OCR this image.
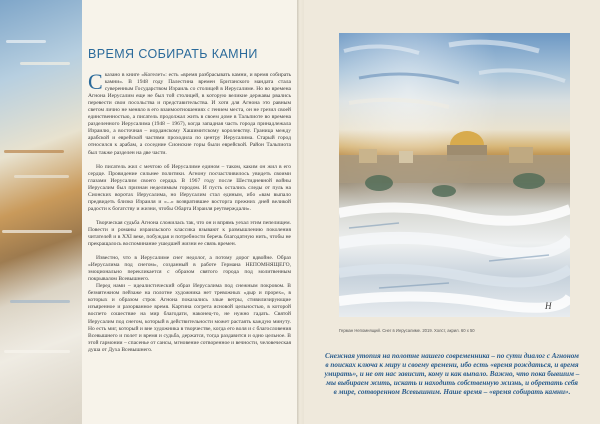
ВРЕМЯ СОБИРАТЬ КАМНИ

Сказано в книге «Когелет»: есть «время разбрасывать камни, и время собирать камни». В 1948 году Палестина времен Британского мандата стала суверенным Государством Израиль со столицей в Иерусалиме. Но во времена Агнона Иерусалим еще не был той столицей, в которую великие державы рвались перевести свои посольства и представительства. И хотя для Агнона это равным светом лично не меняло в его взаимоотношениях с гением места, он не грезил своей единственностью, а писатель продолжал жить в своем доме в Тальпиоте во времена разделенного Иерусалима (1948 – 1967), когда западная часть города принадлежала Израилю, а восточная – иорданскому Хашимитскому королевству. Граница между арабской и еврейской частями проходила по центру Иерусалима. Старый город относился к арабам, а соседние Сионские горы были еврейской. Район Тальпиота был также разделен на две части.

Но писатель жил с мечтою об Иерусалиме едином – таком, каким он жил в его сердце. Провидение сильнее политики. Агнону посчастливилось увидеть своими глазами Иерусалим своего сердца. В 1967 году после Шестидневной войны Иерусалим был признан неделимым городом. И пусть остались следы от пуль на Сионских воротах Иерусалима, но Иерусалим стал единым, ибо «вам выпало предвидеть близко Израиля и «...» возвратившее восторга прежних дней великой радости к богатству и жизни, чтобы Обарта Израиля реутверждали».

Творческая судьба Агнона сложилась так, что он и впрямь уехал этим пепелищем. Повести и романы израильского классика взывают к размышлению поколения читателей и в XXI веке, побуждая и потребности беречь благодатную нить, чтобы не прекращалось воспоминание ушедшей жизни ее связь времен.

Известно, что в Иерусалиме снег недолог, а потому дорог вдвойне. Образ «Иерусалима под снегом», созданный в работе Германа НЕПОМНЯЩЕГО, эмоционально перекликается с образом святого города под молитвенным покрывалом Всевышнего.

Перед нами – идеалистический образ Иерусалима под снежным покровом. В безмятежном пейзаже на полотне художника нет тревожных «дыр и прорех», в которых и образом строк Агнона показались злые ветры, стивилизирующие изъяренное и разорванное время. Картина согрета ясновой цельностью, в которой воспето сошествие на мир благодати, наконец-то, не нужно гадать. Святой Иерусалим под снегом, который в действительности может растаять каждую минуту. Но есть миг, который и вне художника в творчестве, когда его воля и с благословения Всевышнего и полет и время и судьба, держатся, тогда раздавится и одно цельное. В этой гармонии – спасенье от сансы, мгновение сотворенное и вечности, человеческая душа от Духа Всевышнего.

Н
Герман Непомнящий. Снег в Иерусалиме. 2019. Холст, акрил. 60 x 50
Снежная утопия на полотне нашего современника – по сути диалог с Агноном в поисках ключа к миру и своему времени, ибо есть «время рождаться, и время умирать», и не от нас зависит, кому и как выпало. Важно, что пока бывшим – мы выбираем жить, искать и находить собственную жизнь, и обретать себя в мире, сотворенном Всевышним. Наше время – «время собирать камни».
